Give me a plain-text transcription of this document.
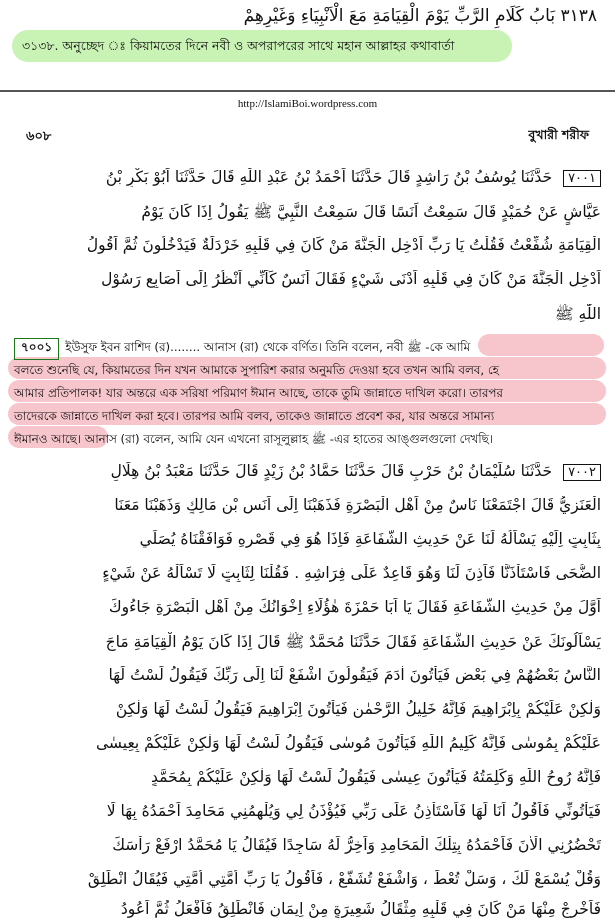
٣١٣٨ بَابُ كَلَامِ الرَّبِّ يَوْمَ الْقِيَامَةِ مَعَ الْاَنْبِيَاءِ وَغَيْرِهِمْ
৩১৩৮. অনুচ্ছেদ ঃ কিয়ামতের দিনে নবী ও অপরাপরের সাথে মহান আল্লাহর কথাবার্তা
http://IslamiBoi.wordpress.com
৬০৮	বুখারী শরীফ
٧٠٠١ حَدَّثَنَا يُوسُفُ بْنُ رَاشِدٍ قَالَ حَدَّثَنَا اَحْمَدُ بْنُ عَبْدِ اللّٰهِ قَالَ حَدَّثَنَا اَبُوْ بَكْرِ بْنُ
عَيَّاشٍ عَنْ حُمَيْدٍ قَالَ سَمِعْتُ اَنَسًا قَالَ سَمِعْتُ النَّبِيَّ ﷺ يَقُولُ اِذَا كَانَ يَوْمُ
الْقِيَامَةِ شُفِّعْتُ فَقُلْتُ يَا رَبِّ اَدْخِلِ الْجَنَّةَ مَنْ كَانَ فِي قَلْبِهِ خَرْدَلَةٌ فَيَدْخُلُونَ ثُمَّ اَقُولُ
اَدْخِلِ الْجَنَّةَ مَنْ كَانَ فِي قَلْبِهِ اَدْنَى شَيْءٍ فَقَالَ اَنَسٌ كَاَنِّي اَنْظُرُ اِلَى اَصَابِعِ رَسُوْلِ
اللّٰهِ ﷺ
৭০০১ ইউসুফ ইবন রাশিদ (র)........ আনাস (রা) থেকে বর্ণিত। তিনি বলেন, নবী ﷺ -কে আমি
বলতে শুনেছি যে, কিয়ামতের দিন যখন আমাকে সুপারিশ করার অনুমতি দেওয়া হবে তখন আমি বলব, হে
আমার প্রতিপালক! যার অন্তরে এক সরিষা পরিমাণ ঈমান আছে, তাকে তুমি জান্নাতে দাখিল করো। তারপর
তাদেরকে জান্নাতে দাখিল করা হবে। তারপর আমি বলব, তাকেও জান্নাতে প্রবেশ কর, যার অন্তরে সামান্য
ঈমানও আছে। আনাস (রা) বলেন, আমি যেন এখনো রাসূলুল্লাহ ﷺ -এর হাতের আঙ্গুলগুলো দেখছি।
٧٠٠٢ حَدَّثَنَا سُلَيْمَانُ بْنُ حَرْبٍ قَالَ حَدَّثَنَا حَمَّادُ بْنُ زَيْدٍ قَالَ حَدَّثَنَا مَعْبَدُ بْنُ هِلَالٍ
الْعَنَزِيُّ قَالَ اجْتَمَعْنَا نَاسٌ مِنْ اَهْلِ الْبَصْرَةِ فَذَهَبْنَا اِلَى اَنَسِ بْنِ مَالِكٍ وَذَهَبْنَا مَعَنَا
بِثَابِتٍ اِلَيْهِ يَسْاَلُهُ لَنَا عَنْ حَدِيثِ الشَّفَاعَةِ فَاِذَا هُوَ فِي قَصْرِهِ فَوَافَقْنَاهُ يُصَلِّي
الضُّحَى فَاسْتَاْذَنَّا فَاَذِنَ لَنَا وَهُوَ قَاعِدٌ عَلَى فِرَاشِهِ . فَقُلْنَا لِثَابِتٍ لَا تَسْاَلْهُ عَنْ شَيْءٍ
اَوَّلَ مِنْ حَدِيثِ الشَّفَاعَةِ فَقَالَ يَا اَبَا حَمْزَةَ هٰؤُلَاءِ اِخْوَانُكَ مِنْ اَهْلِ الْبَصْرَةِ جَاءُوكَ
يَسْاَلُونَكَ عَنْ حَدِيثِ الشَّفَاعَةِ فَقَالَ حَدَّثَنَا مُحَمَّدٌ ﷺ قَالَ اِذَا كَانَ يَوْمُ الْقِيَامَةِ مَاجَ
النَّاسُ بَعْضُهُمْ فِي بَعْضٍ فَيَاْتُونَ اٰدَمَ فَيَقُولُونَ اشْفَعْ لَنَا اِلَى رَبِّكَ فَيَقُولُ لَسْتُ لَهَا
وَلٰكِنْ عَلَيْكُمْ بِاِبْرَاهِيمَ فَاِنَّهُ خَلِيلُ الرَّحْمٰنِ فَيَاْتُونَ اِبْرَاهِيمَ فَيَقُولُ لَسْتُ لَهَا وَلٰكِنْ
عَلَيْكُمْ بِمُوسٰى فَاِنَّهُ كَلِيمُ اللّٰهِ فَيَاْتُونَ مُوسٰى فَيَقُولُ لَسْتُ لَهَا وَلٰكِنْ عَلَيْكُمْ بِعِيسٰى
فَاِنَّهُ رُوحُ اللّٰهِ وَكَلِمَتُهُ فَيَاْتُونَ عِيسٰى فَيَقُولُ لَسْتُ لَهَا وَلٰكِنْ عَلَيْكُمْ بِمُحَمَّدٍ
فَيَاْتُونِّي فَاَقُولُ اَنَا لَهَا فَاَسْتَاْذِنُ عَلَى رَبِّي فَيُؤْذَنُ لِي وَيُلْهِمُنِي مَحَامِدَ اَحْمَدُهُ بِهَا لَا
تَحْضُرُنِي الْاٰنَ فَاَحْمَدُهُ بِتِلْكَ الْمَحَامِدِ وَاَخِرُّ لَهُ سَاجِدًا فَيُقَالُ يَا مُحَمَّدُ ارْفَعْ رَاْسَكَ
وَقُلْ يُسْمَعْ لَكَ ، وَسَلْ تُعْطَ ، وَاشْفَعْ تُشَفَّعْ ، فَاَقُولُ يَا رَبِّ اُمَّتِي اُمَّتِي فَيُقَالُ انْطَلِقْ
فَاَخْرِجْ مِنْهَا مَنْ كَانَ فِي قَلْبِهِ مِثْقَالُ شَعِيرَةٍ مِنْ اِيمَانٍ فَانْطَلِقُ فَاَفْعَلُ ثُمَّ اَعُودُ
